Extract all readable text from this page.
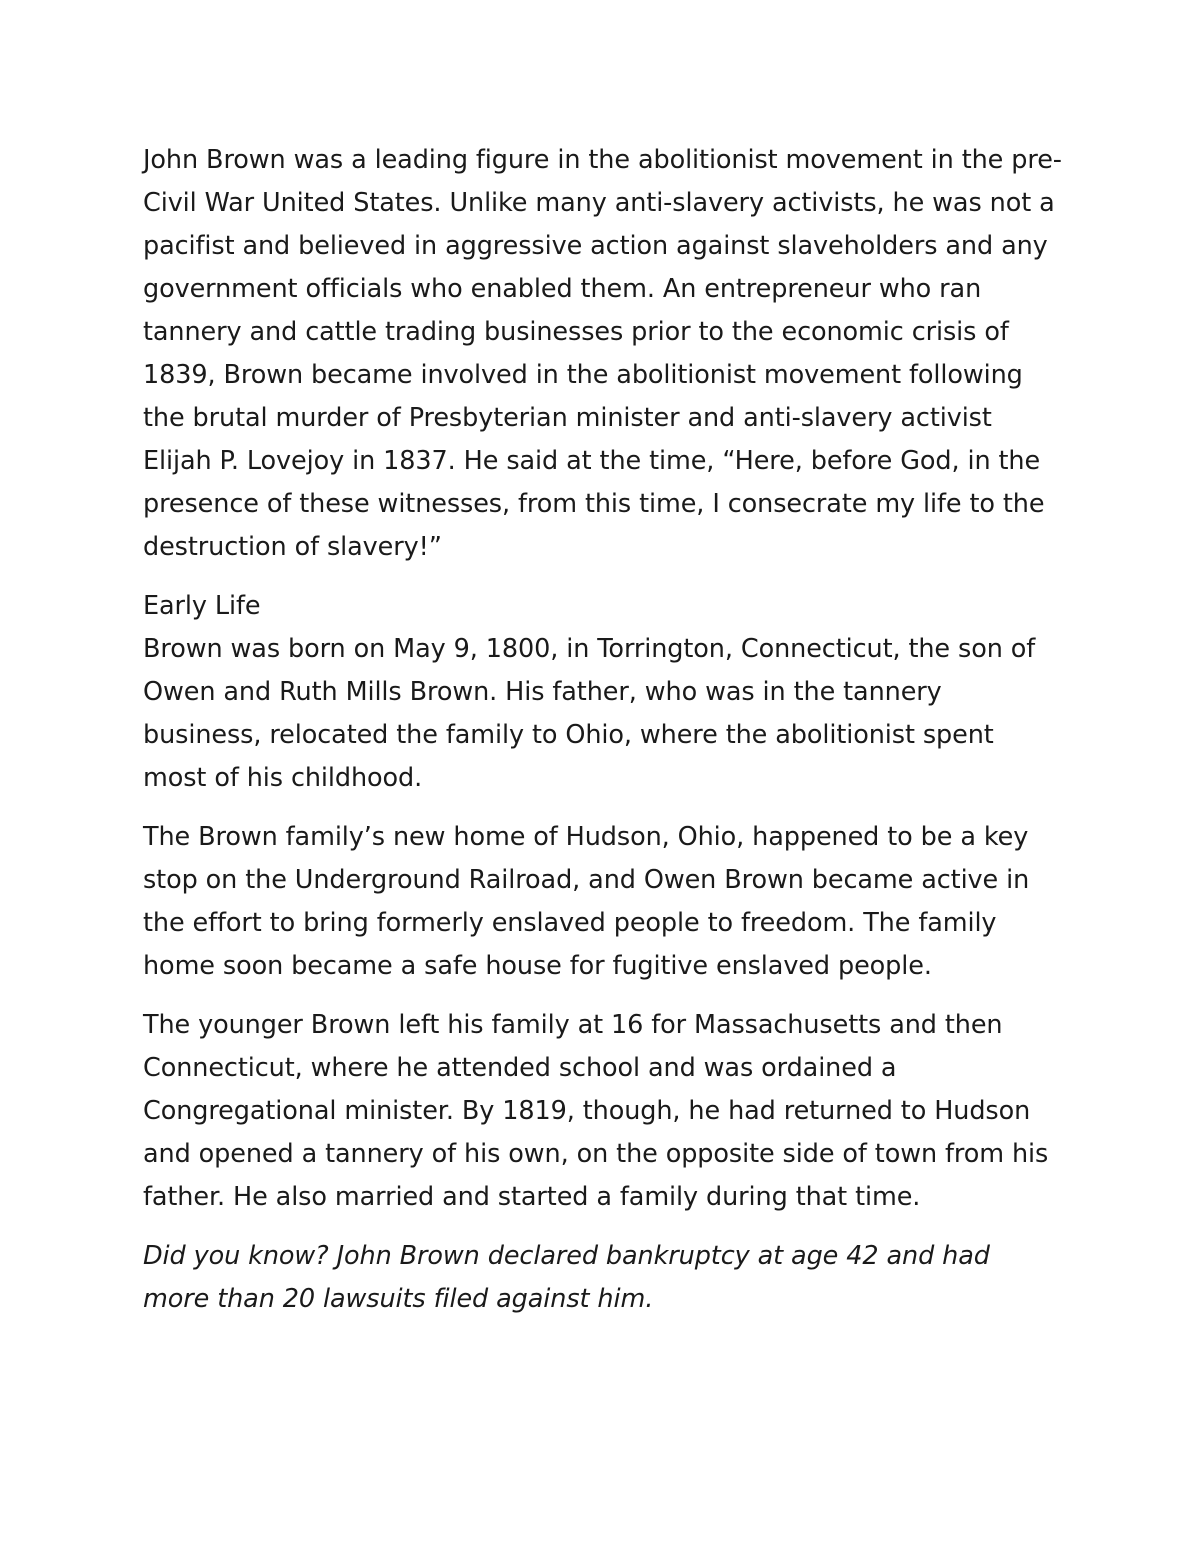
John Brown was a leading figure in the abolitionist movement in the pre-Civil War United States. Unlike many anti-slavery activists, he was not a pacifist and believed in aggressive action against slaveholders and any government officials who enabled them. An entrepreneur who ran tannery and cattle trading businesses prior to the economic crisis of 1839, Brown became involved in the abolitionist movement following the brutal murder of Presbyterian minister and anti-slavery activist Elijah P. Lovejoy in 1837. He said at the time, “Here, before God, in the presence of these witnesses, from this time, I consecrate my life to the destruction of slavery!”

Early Life

Brown was born on May 9, 1800, in Torrington, Connecticut, the son of Owen and Ruth Mills Brown. His father, who was in the tannery business, relocated the family to Ohio, where the abolitionist spent most of his childhood.

The Brown family’s new home of Hudson, Ohio, happened to be a key stop on the Underground Railroad, and Owen Brown became active in the effort to bring formerly enslaved people to freedom. The family home soon became a safe house for fugitive enslaved people.

The younger Brown left his family at 16 for Massachusetts and then Connecticut, where he attended school and was ordained a Congregational minister. By 1819, though, he had returned to Hudson and opened a tannery of his own, on the opposite side of town from his father. He also married and started a family during that time.

Did you know? John Brown declared bankruptcy at age 42 and had more than 20 lawsuits filed against him.
